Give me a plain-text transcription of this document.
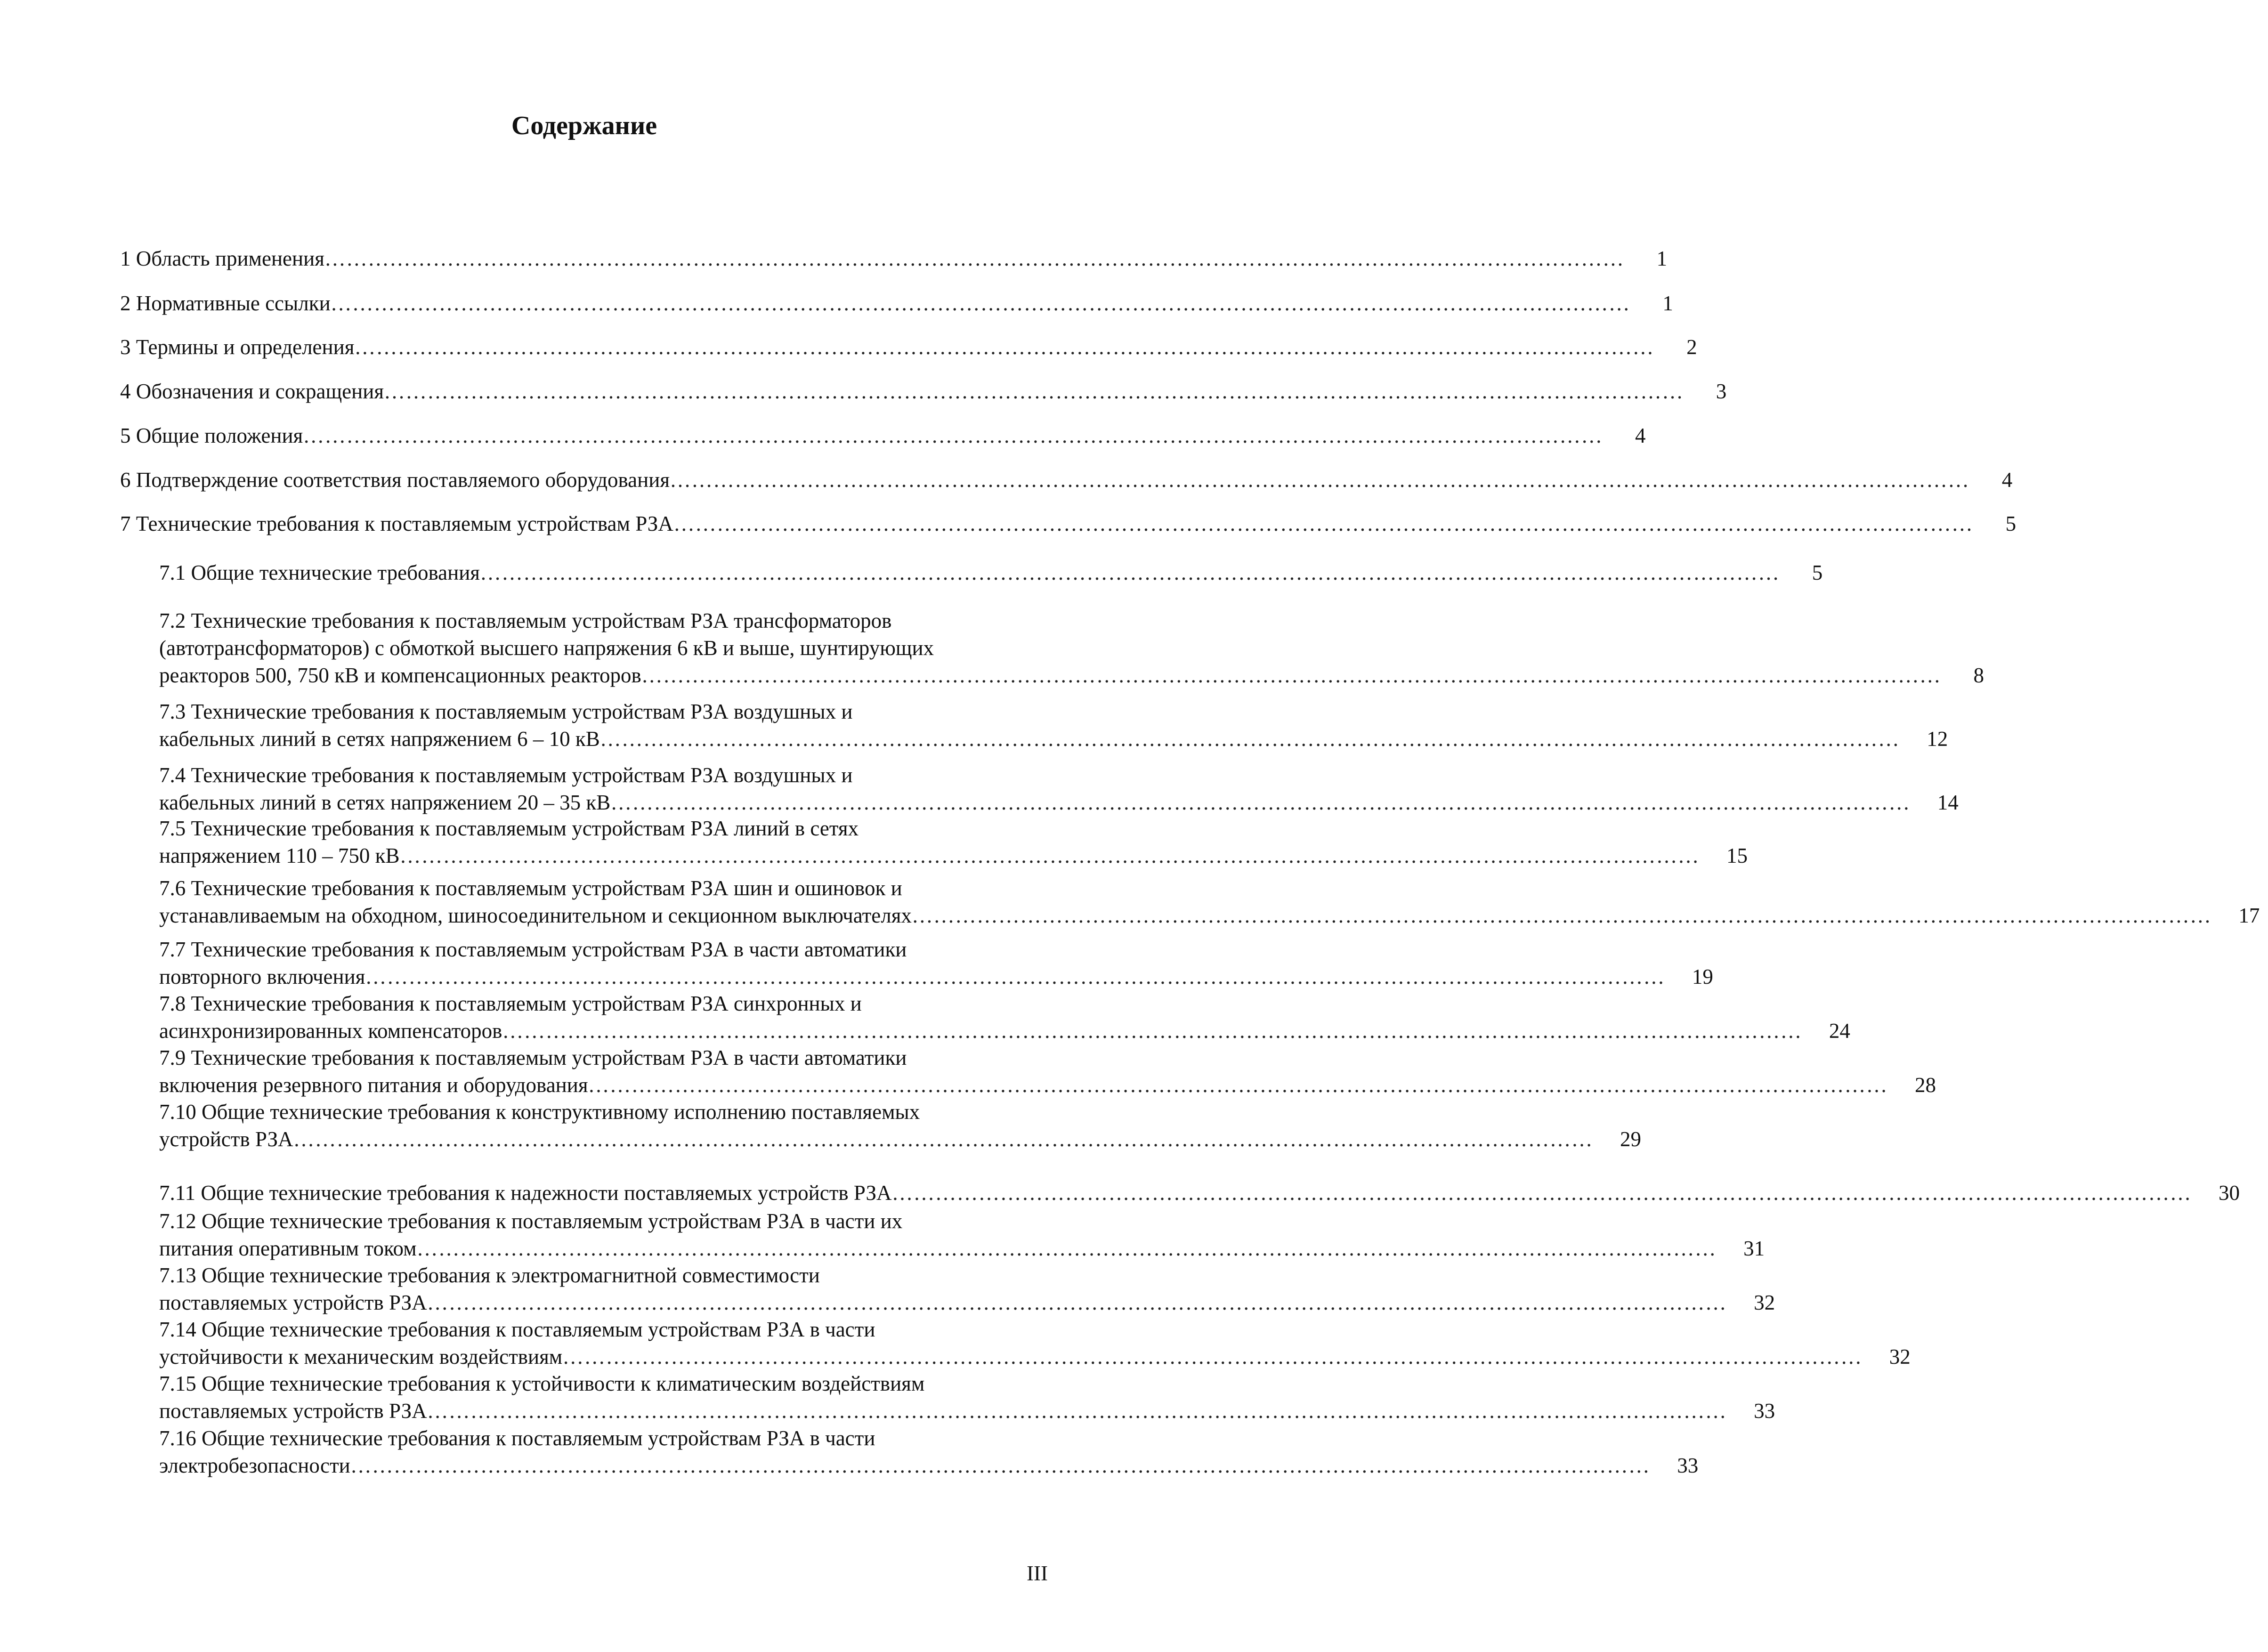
Содержание
1 Область применения ………………………………………………………………………………………………………………………………………………………………	1
2 Нормативные ссылки ………………………………………………………………………………………………………………………………………………………………	1
3 Термины и определения ………………………………………………………………………………………………………………………………………………………………	2
4 Обозначения и сокращения ………………………………………………………………………………………………………………………………………………………………	3
5 Общие положения ………………………………………………………………………………………………………………………………………………………………	4
6 Подтверждение соответствия поставляемого оборудования ………………………………………………………………………………………………………………………………………………………………	4
7 Технические требования к поставляемым устройствам РЗА ………………………………………………………………………………………………………………………………………………………………	5
7.1 Общие технические требования ………………………………………………………………………………………………………………………………………………………………	5
7.2 Технические требования к поставляемым устройствам РЗА трансформаторов
(автотрансформаторов) с обмоткой высшего напряжения 6 кВ и выше, шунтирующих
реакторов 500, 750 кВ и компенсационных реакторов ………………………………………………………………………………………………………………………………………………………………	8
7.3 Технические требования к поставляемым устройствам РЗА воздушных и
кабельных линий в сетях напряжением 6 – 10 кВ ………………………………………………………………………………………………………………………………………………………………	12
7.4 Технические требования к поставляемым устройствам РЗА воздушных и
кабельных линий в сетях напряжением 20 – 35 кВ ………………………………………………………………………………………………………………………………………………………………	14
7.5 Технические требования к поставляемым устройствам РЗА линий в сетях
напряжением 110 – 750 кВ ………………………………………………………………………………………………………………………………………………………………	15
7.6 Технические требования к поставляемым устройствам РЗА шин и ошиновок и
устанавливаемым на обходном, шиносоединительном и секционном выключателях ………………………………………………………………………………………………………………………………………………………………	17
7.7 Технические требования к поставляемым устройствам РЗА в части автоматики
повторного включения ………………………………………………………………………………………………………………………………………………………………	19
7.8 Технические требования к поставляемым устройствам РЗА синхронных и
асинхронизированных компенсаторов ………………………………………………………………………………………………………………………………………………………………	24
7.9 Технические требования к поставляемым устройствам РЗА в части автоматики
включения резервного питания и оборудования ………………………………………………………………………………………………………………………………………………………………	28
7.10 Общие технические требования к конструктивному исполнению поставляемых
устройств РЗА ………………………………………………………………………………………………………………………………………………………………	29
7.11 Общие технические требования к надежности поставляемых устройств РЗА ………………………………………………………………………………………………………………………………………………………………	30
7.12 Общие технические требования к поставляемым устройствам РЗА в части их
питания оперативным током ………………………………………………………………………………………………………………………………………………………………	31
7.13 Общие технические требования к электромагнитной совместимости
поставляемых устройств РЗА ………………………………………………………………………………………………………………………………………………………………	32
7.14 Общие технические требования к поставляемым устройствам РЗА в части
устойчивости к механическим воздействиям ………………………………………………………………………………………………………………………………………………………………	32
7.15 Общие технические требования к устойчивости к климатическим воздействиям
поставляемых устройств РЗА ………………………………………………………………………………………………………………………………………………………………	33
7.16 Общие технические требования к поставляемым устройствам РЗА в части
электробезопасности ………………………………………………………………………………………………………………………………………………………………	33
III
